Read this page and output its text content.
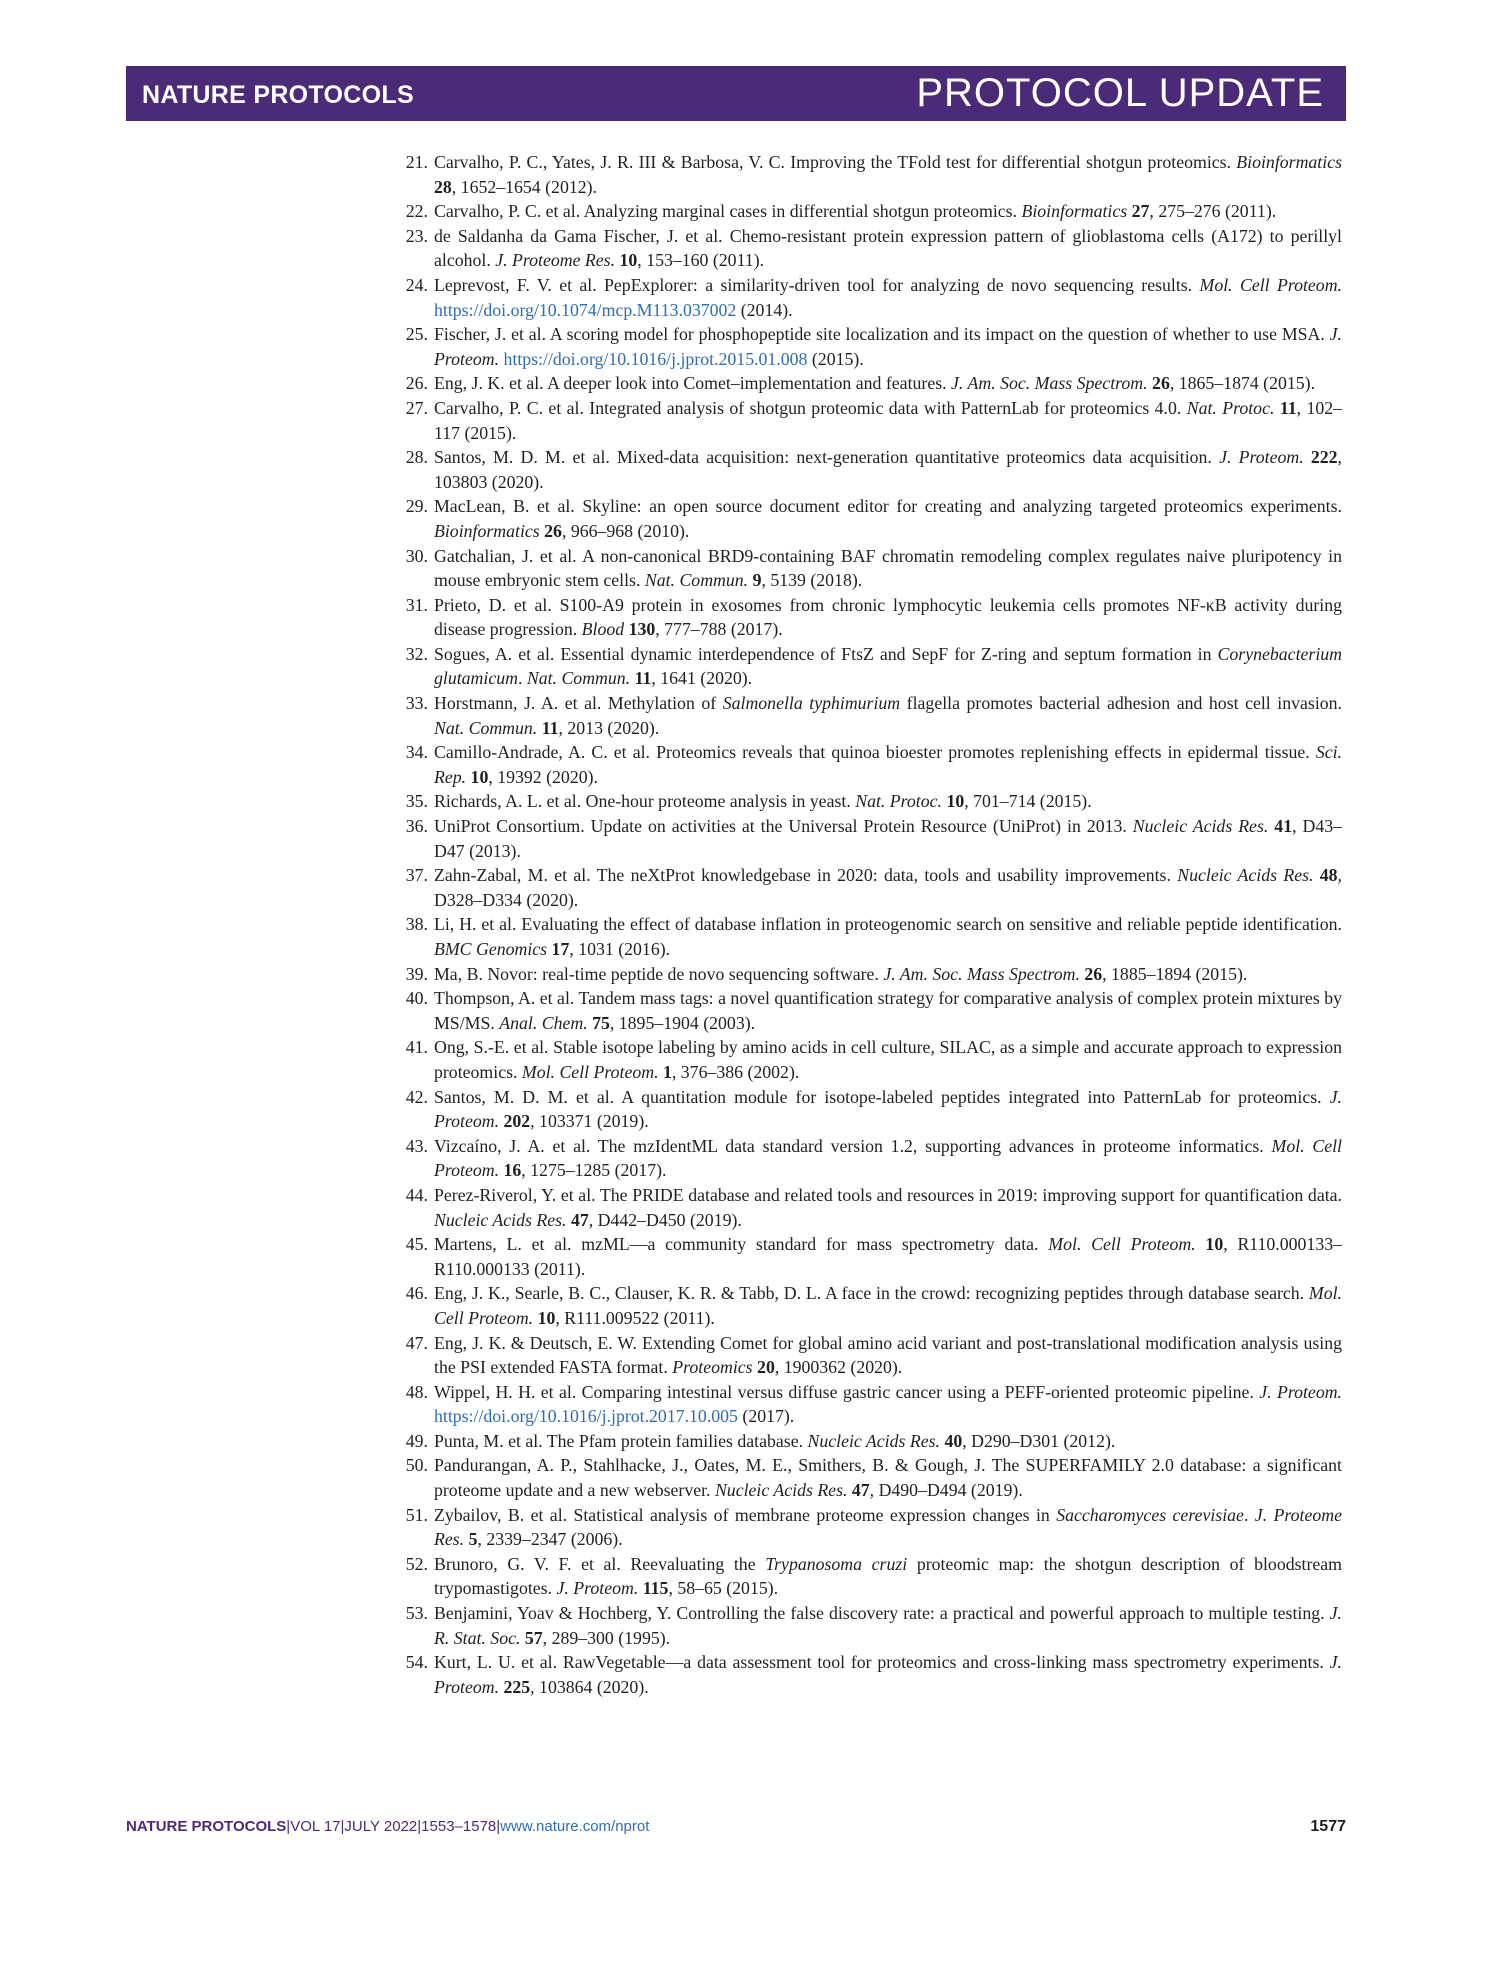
NATURE PROTOCOLS	PROTOCOL UPDATE
21. Carvalho, P. C., Yates, J. R. III & Barbosa, V. C. Improving the TFold test for differential shotgun proteomics. Bioinformatics 28, 1652–1654 (2012).
22. Carvalho, P. C. et al. Analyzing marginal cases in differential shotgun proteomics. Bioinformatics 27, 275–276 (2011).
23. de Saldanha da Gama Fischer, J. et al. Chemo-resistant protein expression pattern of glioblastoma cells (A172) to perillyl alcohol. J. Proteome Res. 10, 153–160 (2011).
24. Leprevost, F. V. et al. PepExplorer: a similarity-driven tool for analyzing de novo sequencing results. Mol. Cell Proteom. https://doi.org/10.1074/mcp.M113.037002 (2014).
25. Fischer, J. et al. A scoring model for phosphopeptide site localization and its impact on the question of whether to use MSA. J. Proteom. https://doi.org/10.1016/j.jprot.2015.01.008 (2015).
26. Eng, J. K. et al. A deeper look into Comet–implementation and features. J. Am. Soc. Mass Spectrom. 26, 1865–1874 (2015).
27. Carvalho, P. C. et al. Integrated analysis of shotgun proteomic data with PatternLab for proteomics 4.0. Nat. Protoc. 11, 102–117 (2015).
28. Santos, M. D. M. et al. Mixed-data acquisition: next-generation quantitative proteomics data acquisition. J. Proteom. 222, 103803 (2020).
29. MacLean, B. et al. Skyline: an open source document editor for creating and analyzing targeted proteomics experiments. Bioinformatics 26, 966–968 (2010).
30. Gatchalian, J. et al. A non-canonical BRD9-containing BAF chromatin remodeling complex regulates naive pluripotency in mouse embryonic stem cells. Nat. Commun. 9, 5139 (2018).
31. Prieto, D. et al. S100-A9 protein in exosomes from chronic lymphocytic leukemia cells promotes NF-κB activity during disease progression. Blood 130, 777–788 (2017).
32. Sogues, A. et al. Essential dynamic interdependence of FtsZ and SepF for Z-ring and septum formation in Corynebacterium glutamicum. Nat. Commun. 11, 1641 (2020).
33. Horstmann, J. A. et al. Methylation of Salmonella typhimurium flagella promotes bacterial adhesion and host cell invasion. Nat. Commun. 11, 2013 (2020).
34. Camillo-Andrade, A. C. et al. Proteomics reveals that quinoa bioester promotes replenishing effects in epidermal tissue. Sci. Rep. 10, 19392 (2020).
35. Richards, A. L. et al. One-hour proteome analysis in yeast. Nat. Protoc. 10, 701–714 (2015).
36. UniProt Consortium. Update on activities at the Universal Protein Resource (UniProt) in 2013. Nucleic Acids Res. 41, D43–D47 (2013).
37. Zahn-Zabal, M. et al. The neXtProt knowledgebase in 2020: data, tools and usability improvements. Nucleic Acids Res. 48, D328–D334 (2020).
38. Li, H. et al. Evaluating the effect of database inflation in proteogenomic search on sensitive and reliable peptide identification. BMC Genomics 17, 1031 (2016).
39. Ma, B. Novor: real-time peptide de novo sequencing software. J. Am. Soc. Mass Spectrom. 26, 1885–1894 (2015).
40. Thompson, A. et al. Tandem mass tags: a novel quantification strategy for comparative analysis of complex protein mixtures by MS/MS. Anal. Chem. 75, 1895–1904 (2003).
41. Ong, S.-E. et al. Stable isotope labeling by amino acids in cell culture, SILAC, as a simple and accurate approach to expression proteomics. Mol. Cell Proteom. 1, 376–386 (2002).
42. Santos, M. D. M. et al. A quantitation module for isotope-labeled peptides integrated into PatternLab for proteomics. J. Proteom. 202, 103371 (2019).
43. Vizcaíno, J. A. et al. The mzIdentML data standard version 1.2, supporting advances in proteome informatics. Mol. Cell Proteom. 16, 1275–1285 (2017).
44. Perez-Riverol, Y. et al. The PRIDE database and related tools and resources in 2019: improving support for quantification data. Nucleic Acids Res. 47, D442–D450 (2019).
45. Martens, L. et al. mzML—a community standard for mass spectrometry data. Mol. Cell Proteom. 10, R110.000133–R110.000133 (2011).
46. Eng, J. K., Searle, B. C., Clauser, K. R. & Tabb, D. L. A face in the crowd: recognizing peptides through database search. Mol. Cell Proteom. 10, R111.009522 (2011).
47. Eng, J. K. & Deutsch, E. W. Extending Comet for global amino acid variant and post-translational modification analysis using the PSI extended FASTA format. Proteomics 20, 1900362 (2020).
48. Wippel, H. H. et al. Comparing intestinal versus diffuse gastric cancer using a PEFF-oriented proteomic pipeline. J. Proteom. https://doi.org/10.1016/j.jprot.2017.10.005 (2017).
49. Punta, M. et al. The Pfam protein families database. Nucleic Acids Res. 40, D290–D301 (2012).
50. Pandurangan, A. P., Stahlhacke, J., Oates, M. E., Smithers, B. & Gough, J. The SUPERFAMILY 2.0 database: a significant proteome update and a new webserver. Nucleic Acids Res. 47, D490–D494 (2019).
51. Zybailov, B. et al. Statistical analysis of membrane proteome expression changes in Saccharomyces cerevisiae. J. Proteome Res. 5, 2339–2347 (2006).
52. Brunoro, G. V. F. et al. Reevaluating the Trypanosoma cruzi proteomic map: the shotgun description of bloodstream trypomastigotes. J. Proteom. 115, 58–65 (2015).
53. Benjamini, Yoav & Hochberg, Y. Controlling the false discovery rate: a practical and powerful approach to multiple testing. J. R. Stat. Soc. 57, 289–300 (1995).
54. Kurt, L. U. et al. RawVegetable—a data assessment tool for proteomics and cross-linking mass spectrometry experiments. J. Proteom. 225, 103864 (2020).
NATURE PROTOCOLS|VOL 17|JULY 2022|1553–1578|www.nature.com/nprot	1577
